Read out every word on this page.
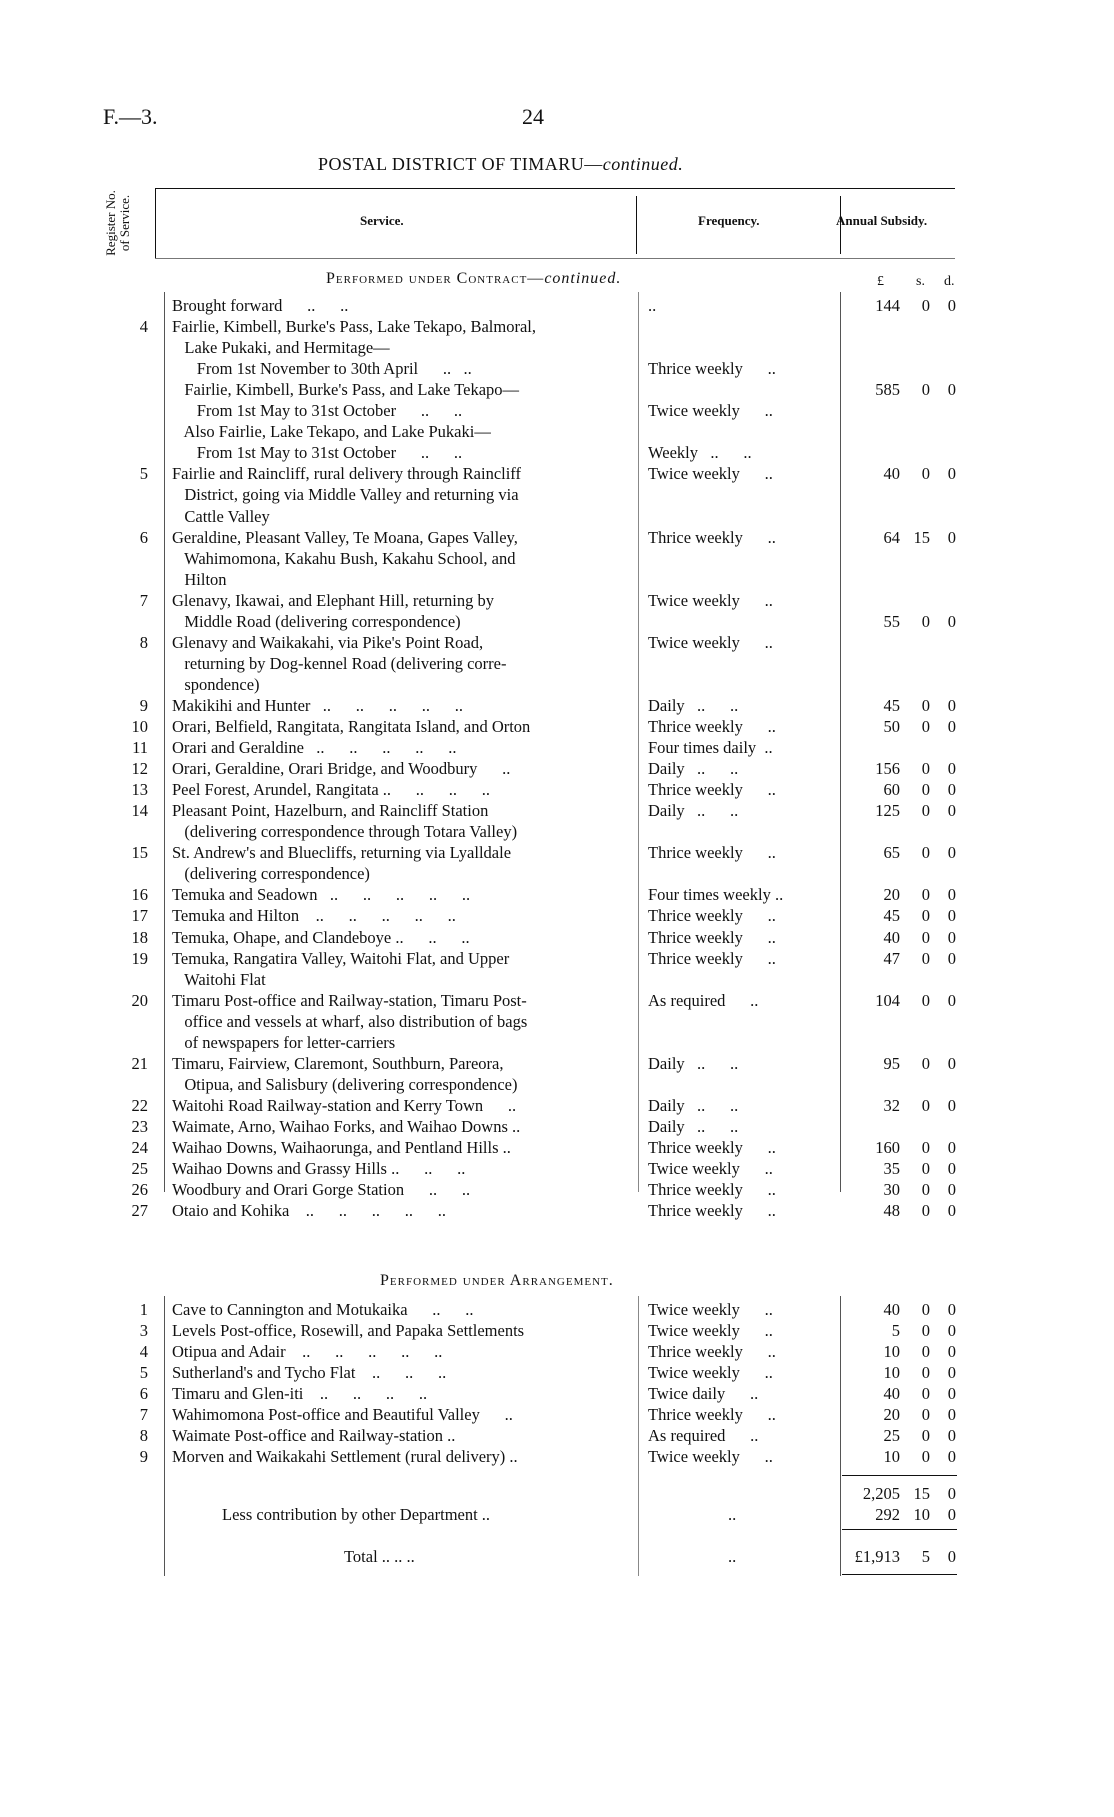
F.—3.	24
POSTAL DISTRICT OF TIMARU—continued.
Register No. of Service.	Service.	Frequency.	Annual Subsidy.
Performed under Contract—continued.	£ s. d.
Brought forward      ..      ..	..	144	0	0
4 Fairlie, Kimbell, Burke's Pass, Lake Tekapo, Balmoral,
Lake Pukaki, and Hermitage—
From 1st November to 30th April      ..   ..	Thrice weekly      ..
Fairlie, Kimbell, Burke's Pass, and Lake Tekapo—	585	0	0
From 1st May to 31st October      ..      ..	Twice weekly      ..
Also Fairlie, Lake Tekapo, and Lake Pukaki—
From 1st May to 31st October      ..      ..	Weekly   ..      ..
5 Fairlie and Raincliff, rural delivery through Raincliff	Twice weekly      ..	40	0	0
District, going via Middle Valley and returning via
Cattle Valley
6 Geraldine, Pleasant Valley, Te Moana, Gapes Valley,	Thrice weekly      ..	64 15	0
Wahimomona, Kakahu Bush, Kakahu School, and
Hilton
7 Glenavy, Ikawai, and Elephant Hill, returning by	Twice weekly      ..
Middle Road (delivering correspondence)	55	0	0
8 Glenavy and Waikakahi, via Pike's Point Road,	Twice weekly      ..
returning by Dog-kennel Road (delivering corre-
spondence)
9 Makikihi and Hunter   ..      ..      ..      ..      ..	Daily   ..      ..	45	0	0
10 Orari, Belfield, Rangitata, Rangitata Island, and Orton	Thrice weekly      ..	50	0	0
11 Orari and Geraldine   ..      ..      ..      ..      ..	Four times daily  ..
12 Orari, Geraldine, Orari Bridge, and Woodbury      ..	Daily   ..      ..	156	0	0
13 Peel Forest, Arundel, Rangitata ..      ..      ..      ..	Thrice weekly      ..	60	0	0
14 Pleasant Point, Hazelburn, and Raincliff Station	Daily   ..      ..	125	0	0
(delivering correspondence through Totara Valley)
15 St. Andrew's and Bluecliffs, returning via Lyalldale	Thrice weekly      ..	65	0	0
(delivering correspondence)
16 Temuka and Seadown   ..      ..      ..      ..      ..	Four times weekly ..	20	0	0
17 Temuka and Hilton    ..      ..      ..      ..      ..	Thrice weekly      ..	45	0	0
18 Temuka, Ohape, and Clandeboye ..      ..      ..	Thrice weekly      ..	40	0	0
19 Temuka, Rangatira Valley, Waitohi Flat, and Upper	Thrice weekly      ..	47	0	0
Waitohi Flat
20 Timaru Post-office and Railway-station, Timaru Post-	As required      ..	104	0	0
office and vessels at wharf, also distribution of bags
of newspapers for letter-carriers
21 Timaru, Fairview, Claremont, Southburn, Pareora,	Daily   ..      ..	95	0	0
Otipua, and Salisbury (delivering correspondence)
22 Waitohi Road Railway-station and Kerry Town      ..	Daily   ..      ..	32	0	0
23 Waimate, Arno, Waihao Forks, and Waihao Downs ..	Daily   ..      ..
24 Waihao Downs, Waihaorunga, and Pentland Hills ..	Thrice weekly      ..	160	0	0
25 Waihao Downs and Grassy Hills ..      ..      ..	Twice weekly      ..	35	0	0
26 Woodbury and Orari Gorge Station      ..      ..	Thrice weekly      ..	30	0	0
27 Otaio and Kohika    ..      ..      ..      ..      ..	Thrice weekly      ..	48	0	0
Performed under Arrangement.
1 Cave to Cannington and Motukaika      ..      ..	Twice weekly      ..	40	0	0
3 Levels Post-office, Rosewill, and Papaka Settlements	Twice weekly      ..	5	0	0
4 Otipua and Adair    ..      ..      ..      ..      ..	Thrice weekly      ..	10	0	0
5 Sutherland's and Tycho Flat    ..      ..      ..	Twice weekly      ..	10	0	0
6 Timaru and Glen-iti    ..      ..      ..      ..	Twice daily      ..	40	0	0
7 Wahimomona Post-office and Beautiful Valley      ..	Thrice weekly      ..	20	0	0
8 Waimate Post-office and Railway-station ..	As required      ..	25	0	0
9 Morven and Waikakahi Settlement (rural delivery) ..	Twice weekly      ..	10	0	0
2,205 15	0
Less contribution by other Department ..	..	292 10	0
Total .. .. ..	..	£1,913	5	0
